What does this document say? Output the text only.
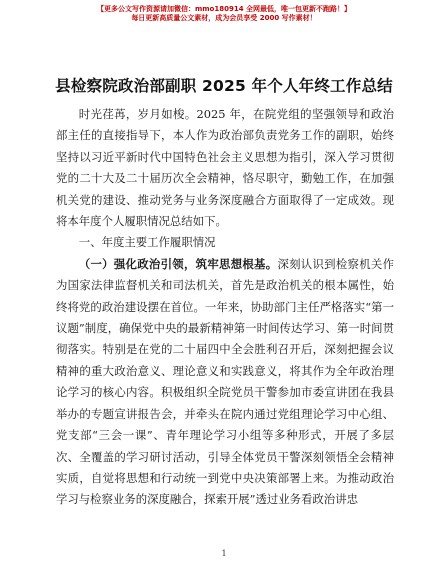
【更多公文写作资源请加微信：mmo180914 全网最低，唯一包更新不跑路！】
每日更新高质量公文素材，成为会员享受 2000 写作素材！
县检察院政治部副职 2025 年个人年终工作总结

时光荏苒，岁月如梭。2025 年，在院党组的坚强领导和政治部主任的直接指导下，本人作为政治部负责党务工作的副职，始终坚持以习近平新时代中国特色社会主义思想为指引，深入学习贯彻党的二十大及二十届历次全会精神，恪尽职守，勤勉工作，在加强机关党的建设、推动党务与业务深度融合方面取得了一定成效。现将本年度个人履职情况总结如下。

一、年度主要工作履职情况

（一）强化政治引领，筑牢思想根基。深刻认识到检察机关作为国家法律监督机关和司法机关，首先是政治机关的根本属性，始终将党的政治建设摆在首位。一年来，协助部门主任严格落实“第一议题”制度，确保党中央的最新精神第一时间传达学习、第一时间贯彻落实。特别是在党的二十届四中全会胜利召开后，深刻把握会议精神的重大政治意义、理论意义和实践意义，将其作为全年政治理论学习的核心内容。积极组织全院党员干警参加市委宣讲团在我县举办的专题宣讲报告会，并牵头在院内通过党组理论学习中心组、党支部“三会一课”、青年理论学习小组等多种形式，开展了多层次、全覆盖的学习研讨活动，引导全体党员干警深刻领悟全会精神实质，自觉将思想和行动统一到党中央决策部署上来。为推动政治学习与检察业务的深度融合，探索开展”透过业务看政治讲忠

1
